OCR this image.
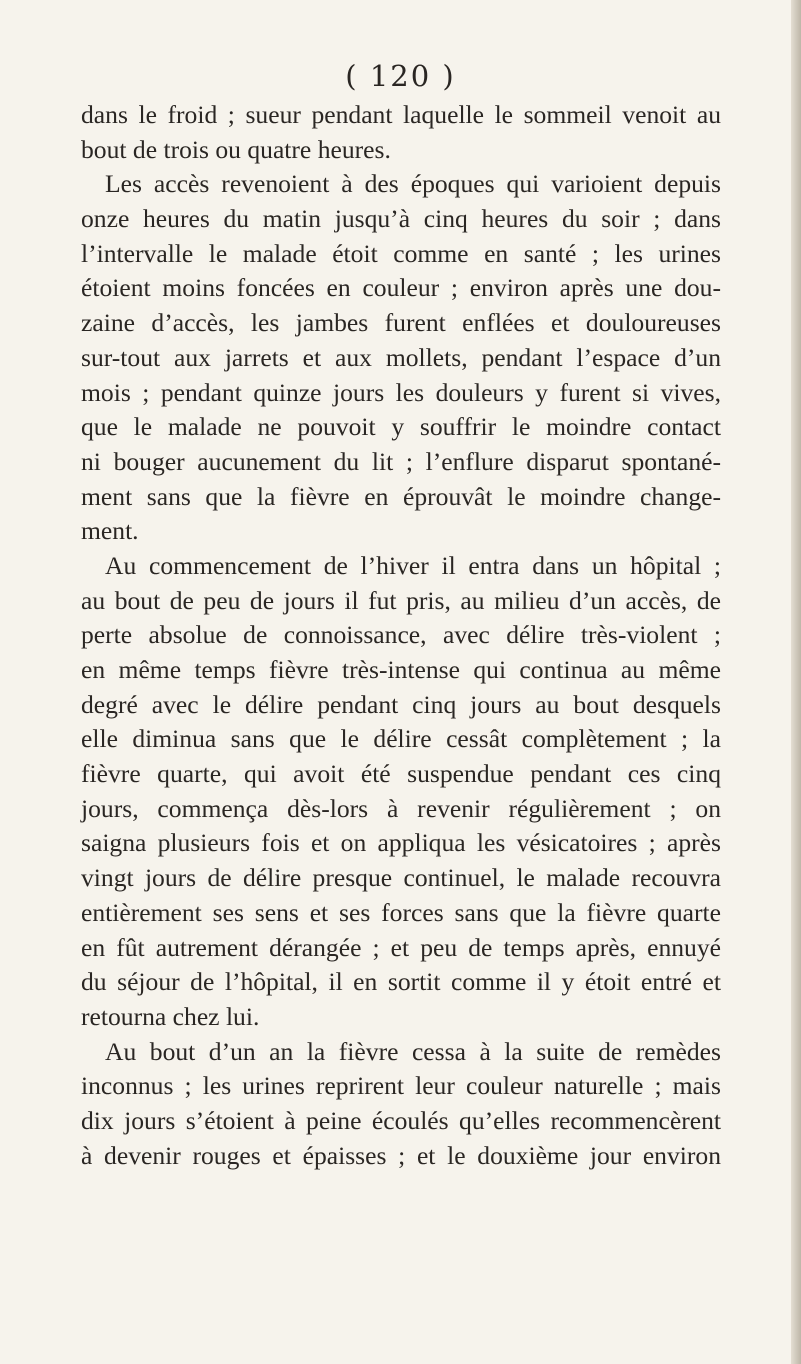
( 120 )
dans le froid ; sueur pendant laquelle le sommeil venoit au
bout de trois ou quatre heures.
Les accès revenoient à des époques qui varioient depuis
onze heures du matin jusqu’à cinq heures du soir ; dans
l’intervalle le malade étoit comme en santé ; les urines
étoient moins foncées en couleur ; environ après une dou-
zaine d’accès, les jambes furent enflées et douloureuses
sur-tout aux jarrets et aux mollets, pendant l’espace d’un
mois ; pendant quinze jours les douleurs y furent si vives,
que le malade ne pouvoit y souffrir le moindre contact
ni bouger aucunement du lit ; l’enflure disparut spontané-
ment sans que la fièvre en éprouvât le moindre change-
ment.
Au commencement de l’hiver il entra dans un hôpital ;
au bout de peu de jours il fut pris, au milieu d’un accès, de
perte absolue de connoissance, avec délire très-violent ;
en même temps fièvre très-intense qui continua au même
degré avec le délire pendant cinq jours au bout desquels
elle diminua sans que le délire cessât complètement ; la
fièvre quarte, qui avoit été suspendue pendant ces cinq
jours, commença dès-lors à revenir régulièrement ; on
saigna plusieurs fois et on appliqua les vésicatoires ; après
vingt jours de délire presque continuel, le malade recouvra
entièrement ses sens et ses forces sans que la fièvre quarte
en fût autrement dérangée ; et peu de temps après, ennuyé
du séjour de l’hôpital, il en sortit comme il y étoit entré et
retourna chez lui.
Au bout d’un an la fièvre cessa à la suite de remèdes
inconnus ; les urines reprirent leur couleur naturelle ; mais
dix jours s’étoient à peine écoulés qu’elles recommencèrent
à devenir rouges et épaisses ; et le douxième jour environ
